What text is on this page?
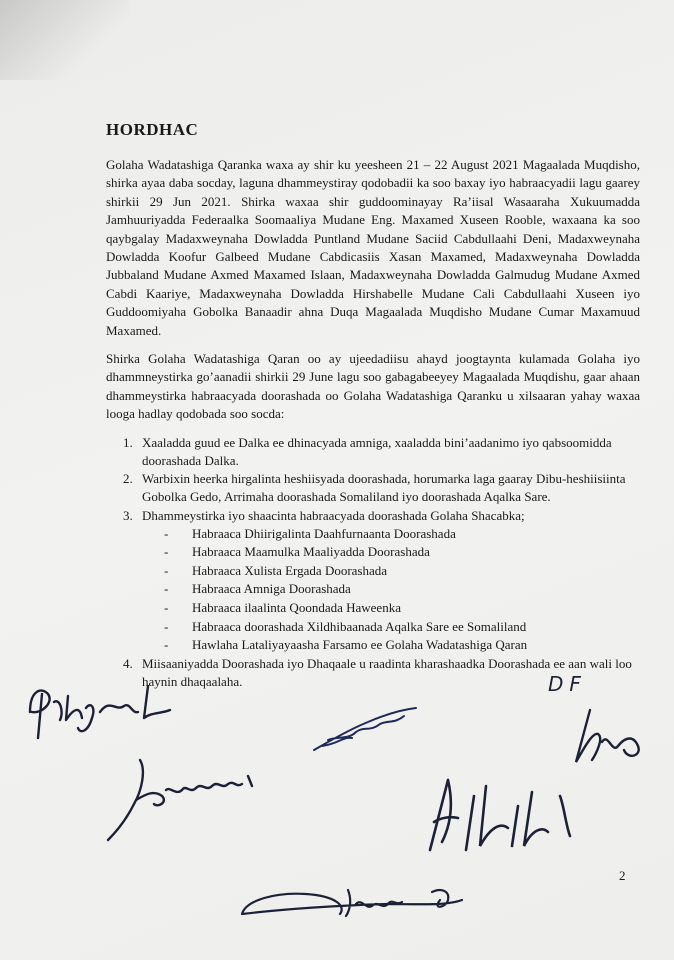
HORDHAC

Golaha Wadatashiga Qaranka waxa ay shir ku yeesheen 21 – 22 August 2021 Magaalada Muqdisho, shirka ayaa daba socday, laguna dhammeystiray qodobadii ka soo baxay iyo habraacyadii lagu gaarey shirkii 29 Jun 2021. Shirka waxaa shir guddoominayay Ra’iisal Wasaaraha Xukuumadda Jamhuuriyadda Federaalka Soomaaliya Mudane Eng. Maxamed Xuseen Rooble, waxaana ka soo qaybgalay Madaxweynaha Dowladda Puntland Mudane Saciid Cabdullaahi Deni, Madaxweynaha Dowladda Koofur Galbeed Mudane Cabdicasiis Xasan Maxamed, Madaxweynaha Dowladda Jubbaland Mudane Axmed Maxamed Islaan, Madaxweynaha Dowladda Galmudug Mudane Axmed Cabdi Kaariye, Madaxweynaha Dowladda Hirshabelle Mudane Cali Cabdullaahi Xuseen iyo Guddoomiyaha Gobolka Banaadir ahna Duqa Magaalada Muqdisho Mudane Cumar Maxamuud Maxamed.

Shirka Golaha Wadatashiga Qaran oo ay ujeedadiisu ahayd joogtaynta kulamada Golaha iyo dhammneystirka go’aanadii shirkii 29 June lagu soo gabagabeeyey Magaalada Muqdishu, gaar ahaan dhammeystirka habraacyada doorashada oo Golaha Wadatashiga Qaranku u xilsaaran yahay waxaa looga hadlay qodobada soo socda:

1. Xaaladda guud ee Dalka ee dhinacyada amniga, xaaladda bini’aadanimo iyo qabsoomidda doorashada Dalka.
2. Warbixin heerka hirgalinta heshiisyada doorashada, horumarka laga gaaray Dibu-heshiisiinta Gobolka Gedo, Arrimaha doorashada Somaliland iyo doorashada Aqalka Sare.
3. Dhammeystirka iyo shaacinta habraacyada doorashada Golaha Shacabka;
- Habraaca Dhiirigalinta Daahfurnaanta Doorashada
- Habraaca Maamulka Maaliyadda Doorashada
- Habraaca Xulista Ergada Doorashada
- Habraaca Amniga Doorashada
- Habraaca ilaalinta Qoondada Haweenka
- Habraaca doorashada Xildhibaanada Aqalka Sare ee Somaliland
- Hawlaha Lataliyayaasha Farsamo ee Golaha Wadatashiga Qaran
4. Miisaaniyadda Doorashada iyo Dhaqaale u raadinta kharashaadka Doorashada ee aan wali loo haynin dhaqaalaha.	DF
2
